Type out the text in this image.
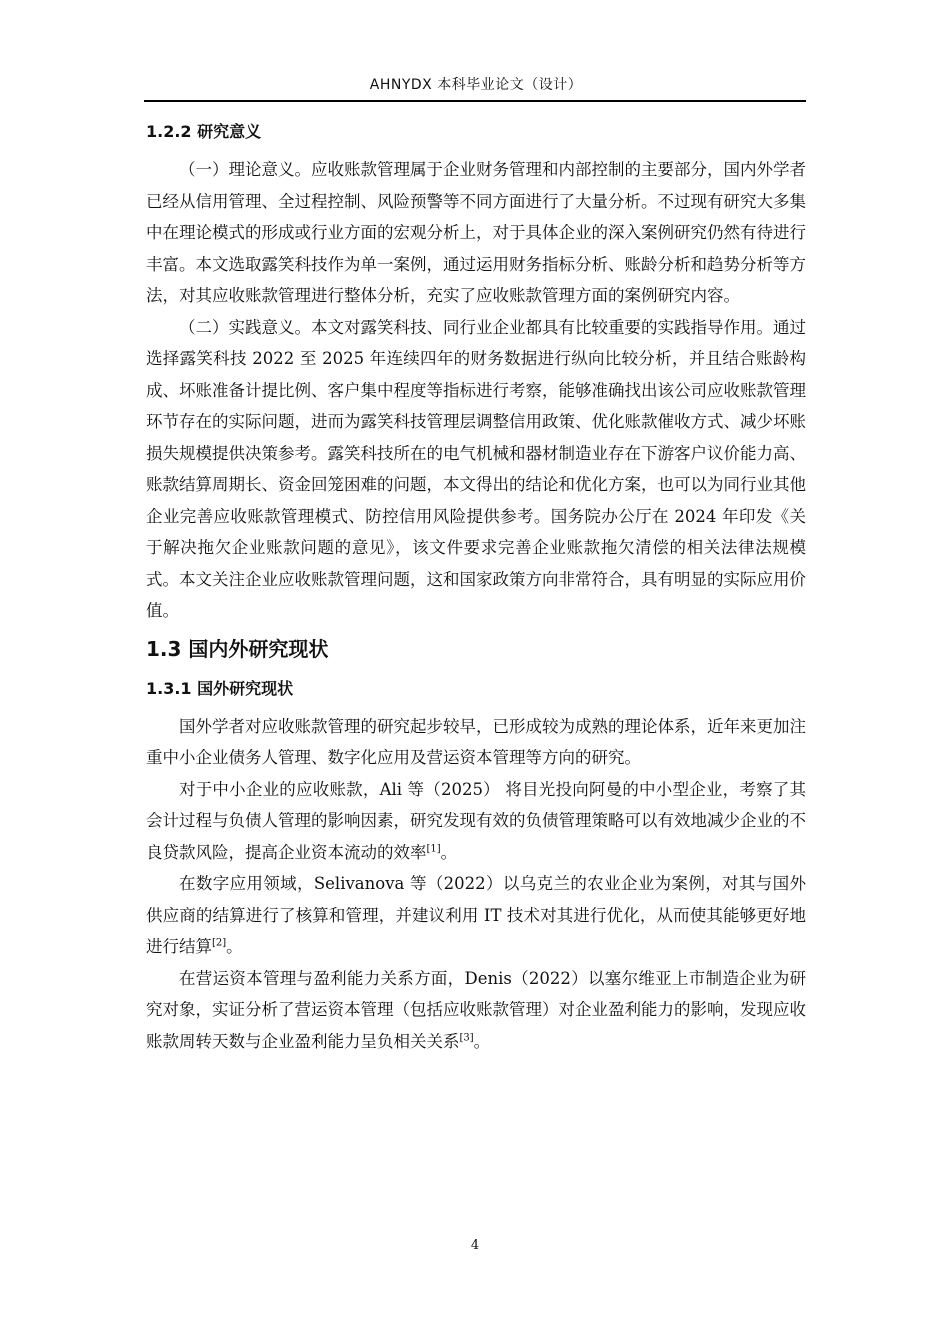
AHNYDX 本科毕业论文（设计）
1.2.2 研究意义

（一）理论意义。应收账款管理属于企业财务管理和内部控制的主要部分，国内外学者已经从信用管理、全过程控制、风险预警等不同方面进行了大量分析。不过现有研究大多集中在理论模式的形成或行业方面的宏观分析上，对于具体企业的深入案例研究仍然有待进行丰富。本文选取露笑科技作为单一案例，通过运用财务指标分析、账龄分析和趋势分析等方法，对其应收账款管理进行整体分析，充实了应收账款管理方面的案例研究内容。

（二）实践意义。本文对露笑科技、同行业企业都具有比较重要的实践指导作用。通过选择露笑科技 2022 至 2025 年连续四年的财务数据进行纵向比较分析，并且结合账龄构成、坏账准备计提比例、客户集中程度等指标进行考察，能够准确找出该公司应收账款管理环节存在的实际问题，进而为露笑科技管理层调整信用政策、优化账款催收方式、减少坏账损失规模提供决策参考。露笑科技所在的电气机械和器材制造业存在下游客户议价能力高、账款结算周期长、资金回笼困难的问题，本文得出的结论和优化方案，也可以为同行业其他企业完善应收账款管理模式、防控信用风险提供参考。国务院办公厅在 2024 年印发《关于解决拖欠企业账款问题的意见》，该文件要求完善企业账款拖欠清偿的相关法律法规模式。本文关注企业应收账款管理问题，这和国家政策方向非常符合，具有明显的实际应用价值。

1.3 国内外研究现状
1.3.1 国外研究现状

国外学者对应收账款管理的研究起步较早，已形成较为成熟的理论体系，近年来更加注重中小企业债务人管理、数字化应用及营运资本管理等方向的研究。

对于中小企业的应收账款，Ali 等（2025） 将目光投向阿曼的中小型企业，考察了其会计过程与负债人管理的影响因素，研究发现有效的负债管理策略可以有效地减少企业的不良贷款风险，提高企业资本流动的效率[1]。

在数字应用领域，Selivanova 等（2022）以乌克兰的农业企业为案例，对其与国外供应商的结算进行了核算和管理，并建议利用 IT 技术对其进行优化，从而使其能够更好地进行结算[2]。

在营运资本管理与盈利能力关系方面，Denis（2022）以塞尔维亚上市制造企业为研究对象，实证分析了营运资本管理（包括应收账款管理）对企业盈利能力的影响，发现应收账款周转天数与企业盈利能力呈负相关关系[3]。

4
